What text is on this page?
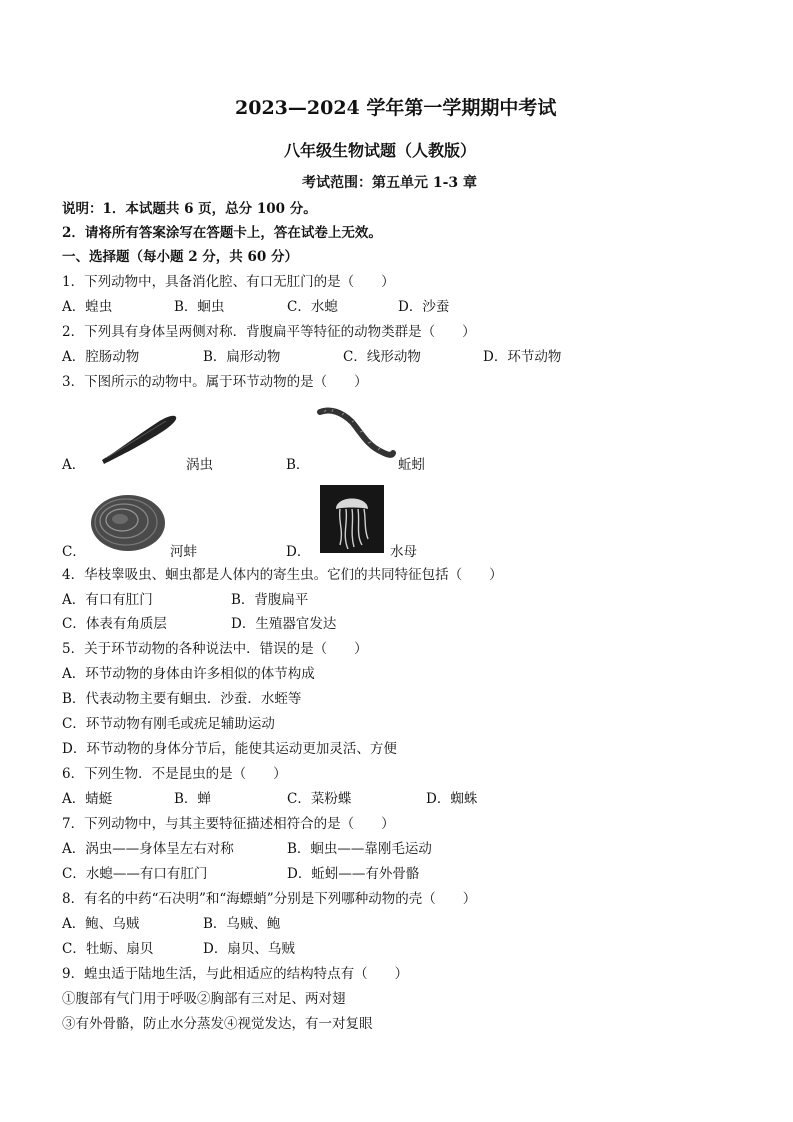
2023—2024 学年第一学期期中考试
八年级生物试题（人教版）
考试范围：第五单元 1-3 章
说明：1．本试题共 6 页，总分 100 分。
2．请将所有答案涂写在答题卡上，答在试卷上无效。
一、选择题（每小题 2 分，共 60 分）
1．下列动物中，具备消化腔、有口无肛门的是（　　）
A．蝗虫	B．蛔虫	C．水螅	D．沙蚕
2．下列具有身体呈两侧对称．背腹扁平等特征的动物类群是（　　）
A．腔肠动物	B．扁形动物	C．线形动物	D．环节动物
3．下图所示的动物中。属于环节动物的是（　　）
A．	涡虫	B．	蚯蚓
C．	河蚌	D．	水母
4．华枝睾吸虫、蛔虫都是人体内的寄生虫。它们的共同特征包括（　　）
A．有口有肛门	B．背腹扁平
C．体表有角质层	D．生殖器官发达
5．关于环节动物的各种说法中．错误的是（　　）
A．环节动物的身体由许多相似的体节构成
B．代表动物主要有蛔虫．沙蚕．水蛭等
C．环节动物有刚毛或疣足辅助运动
D．环节动物的身体分节后，能使其运动更加灵活、方便
6．下列生物．不是昆虫的是（　　）
A．蜻蜓	B．蝉	C．菜粉蝶	D．蜘蛛
7．下列动物中，与其主要特征描述相符合的是（　　）
A．涡虫——身体呈左右对称	B．蛔虫——靠刚毛运动
C．水螅——有口有肛门	D．蚯蚓——有外骨骼
8．有名的中药“石决明”和“海螵蛸”分别是下列哪种动物的壳（　　）
A．鲍、乌贼	B．乌贼、鲍
C．牡蛎、扇贝	D．扇贝、乌贼
9．蝗虫适于陆地生活，与此相适应的结构特点有（　　）
①腹部有气门用于呼吸②胸部有三对足、两对翅
③有外骨骼，防止水分蒸发④视觉发达，有一对复眼
